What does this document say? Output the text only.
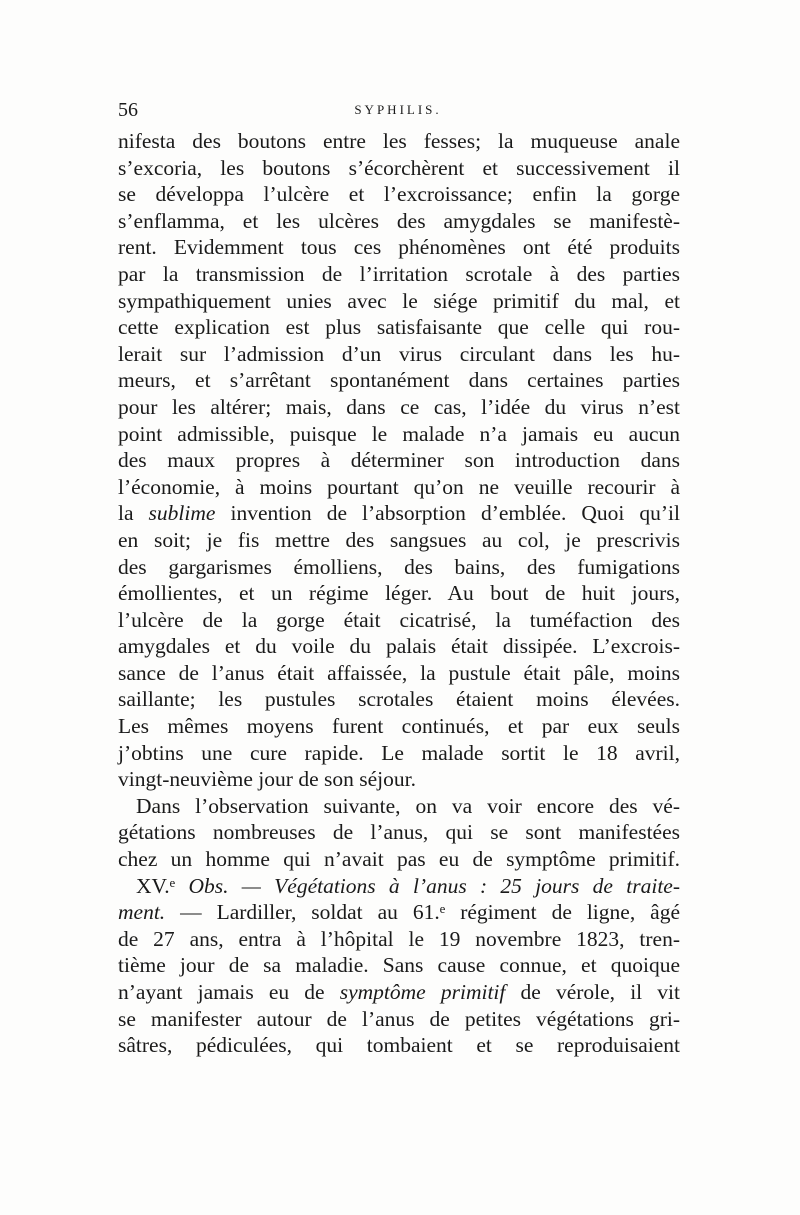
56	SYPHILIS.
nifesta des boutons entre les fesses; la muqueuse anale
s’excoria, les boutons s’écorchèrent et successivement il
se développa l’ulcère et l’excroissance; enfin la gorge
s’enflamma, et les ulcères des amygdales se manifestè-
rent. Evidemment tous ces phénomènes ont été produits
par la transmission de l’irritation scrotale à des parties
sympathiquement unies avec le siége primitif du mal, et
cette explication est plus satisfaisante que celle qui rou-
lerait sur l’admission d’un virus circulant dans les hu-
meurs, et s’arrêtant spontanément dans certaines parties
pour les altérer; mais, dans ce cas, l’idée du virus n’est
point admissible, puisque le malade n’a jamais eu aucun
des maux propres à déterminer son introduction dans
l’économie, à moins pourtant qu’on ne veuille recourir à
la sublime invention de l’absorption d’emblée. Quoi qu’il
en soit; je fis mettre des sangsues au col, je prescrivis
des gargarismes émolliens, des bains, des fumigations
émollientes, et un régime léger. Au bout de huit jours,
l’ulcère de la gorge était cicatrisé, la tuméfaction des
amygdales et du voile du palais était dissipée. L’excrois-
sance de l’anus était affaissée, la pustule était pâle, moins
saillante; les pustules scrotales étaient moins élevées.
Les mêmes moyens furent continués, et par eux seuls
j’obtins une cure rapide. Le malade sortit le 18 avril,
vingt-neuvième jour de son séjour.
Dans l’observation suivante, on va voir encore des vé-
gétations nombreuses de l’anus, qui se sont manifestées
chez un homme qui n’avait pas eu de symptôme primitif.
XV.ᵉ Obs. — Végétations à l’anus : 25 jours de traite-
ment. — Lardiller, soldat au 61.ᵉ régiment de ligne, âgé
de 27 ans, entra à l’hôpital le 19 novembre 1823, tren-
tième jour de sa maladie. Sans cause connue, et quoique
n’ayant jamais eu de symptôme primitif de vérole, il vit
se manifester autour de l’anus de petites végétations gri-
sâtres, pédiculées, qui tombaient et se reproduisaient
